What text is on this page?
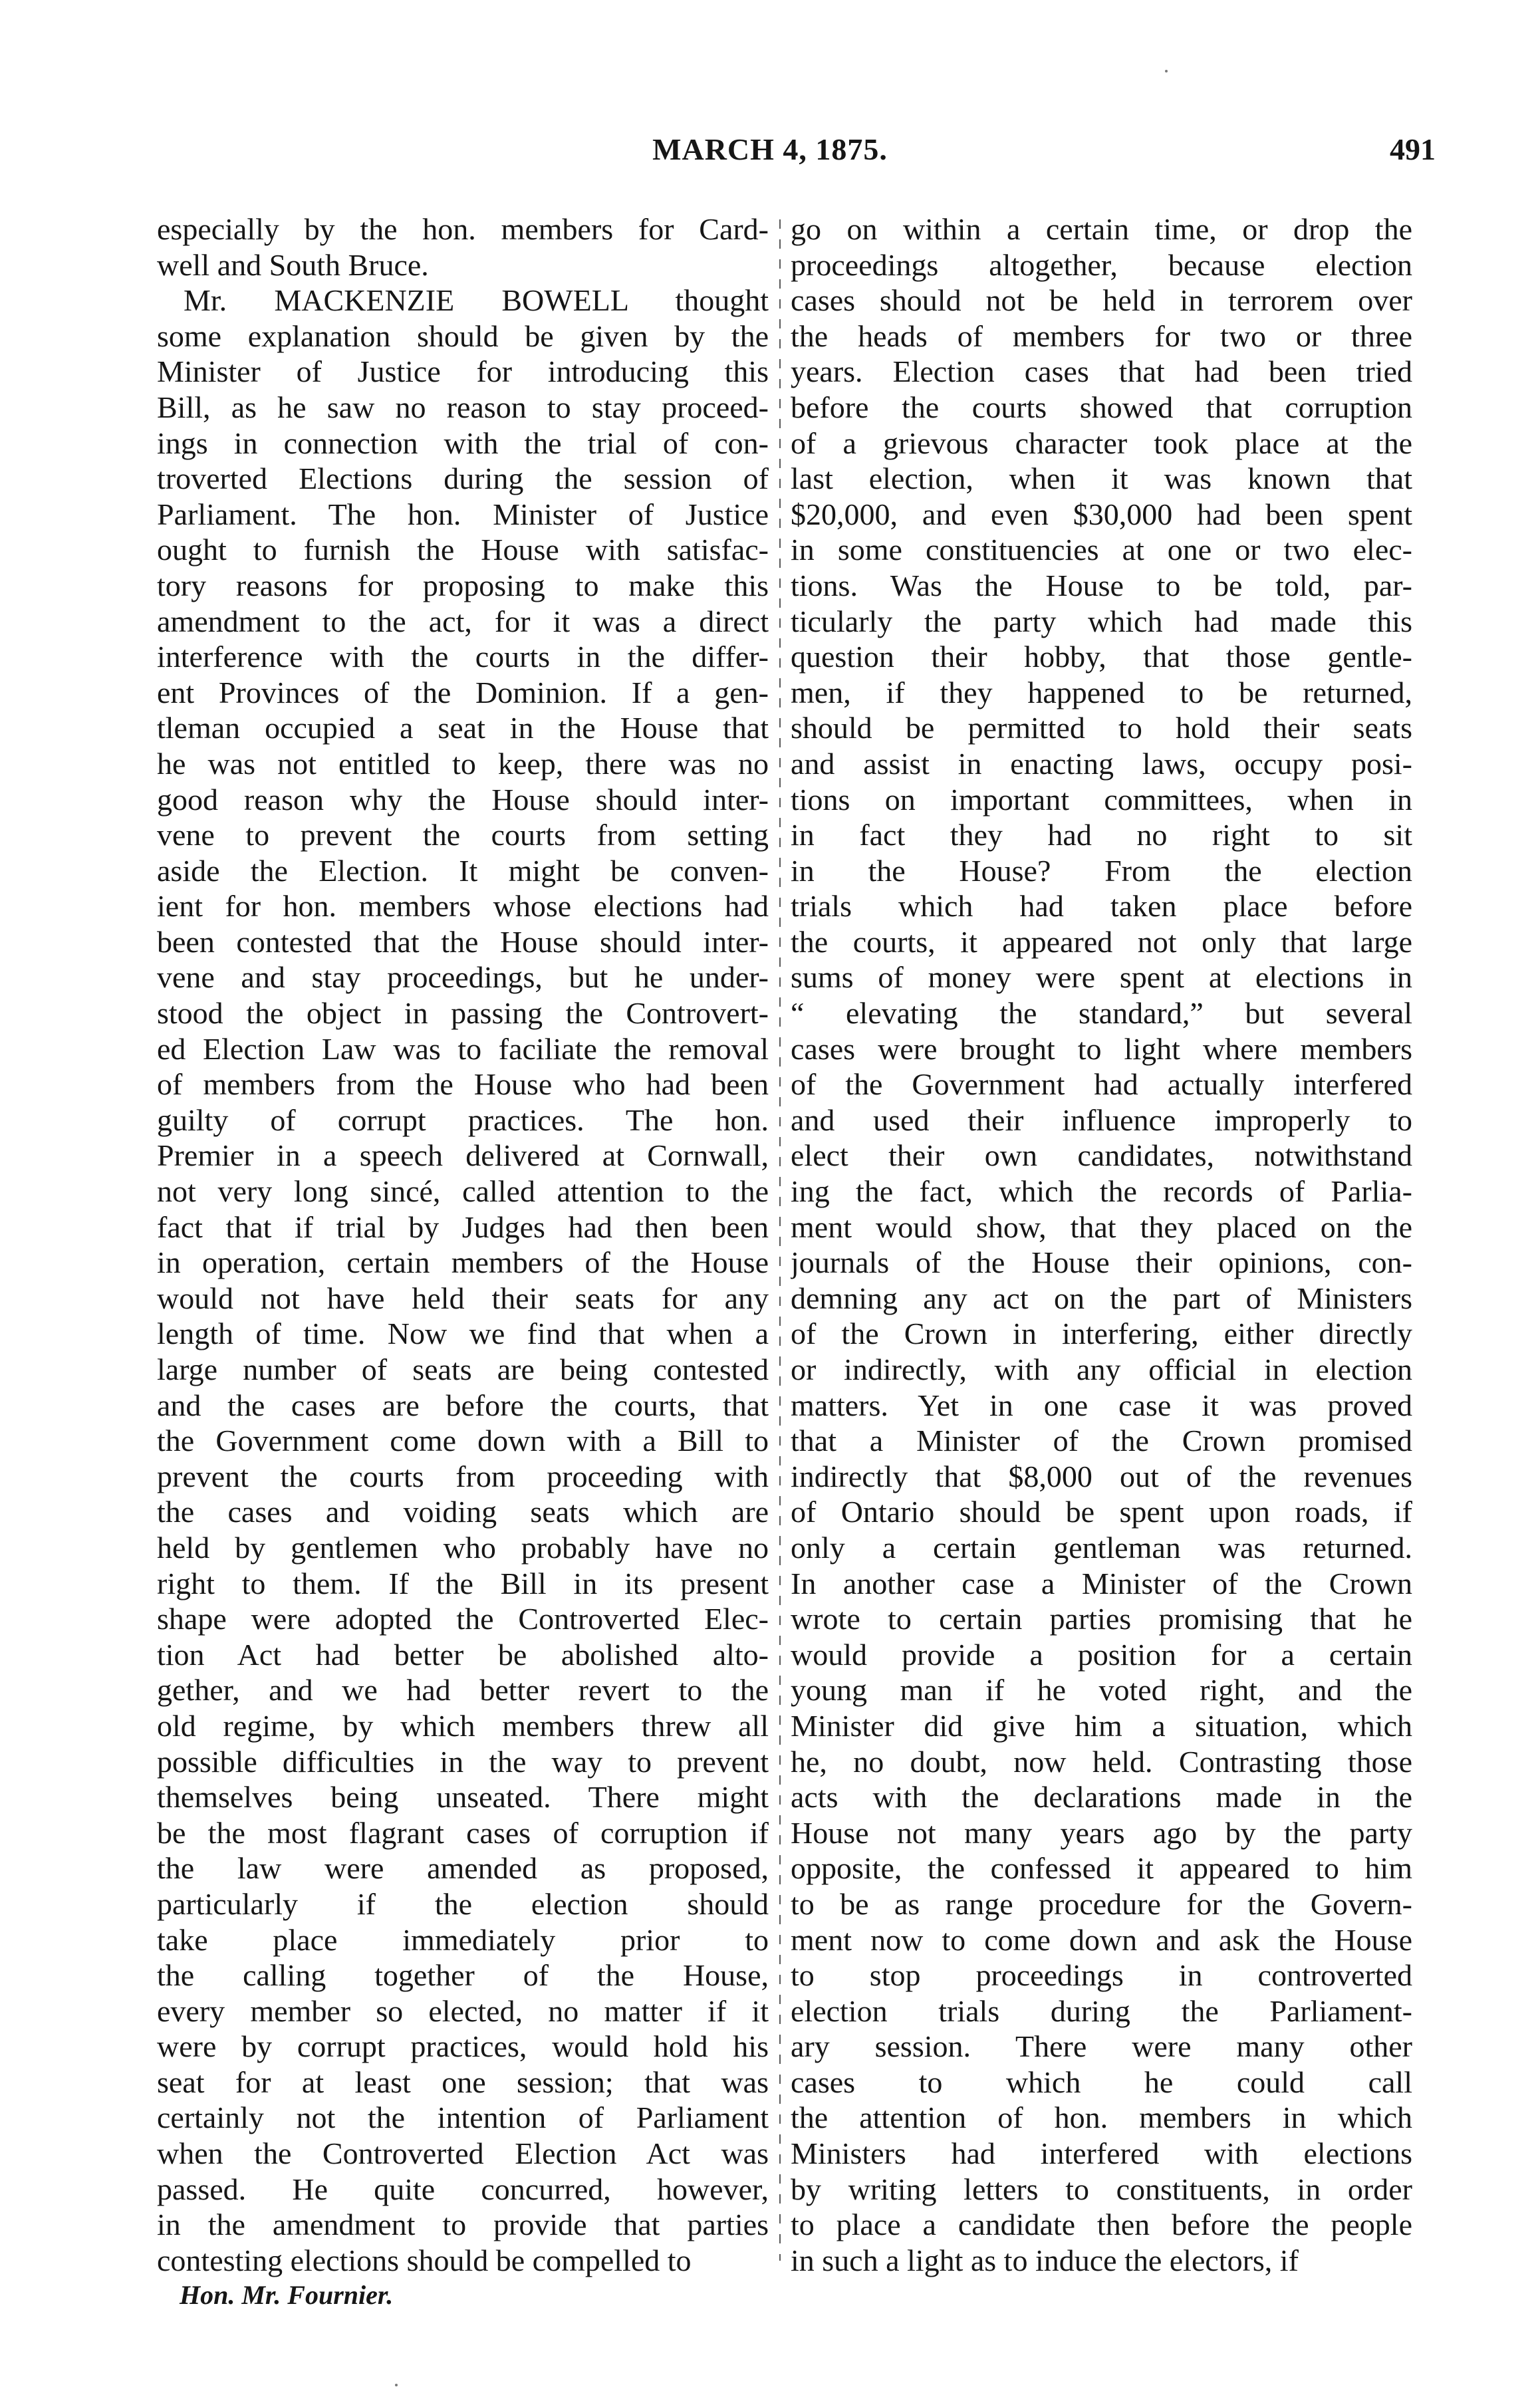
MARCH 4, 1875.	491
especially by the hon. members for Card-
well and South Bruce.
Mr. MACKENZIE BOWELL thought
some explanation should be given by the
Minister of Justice for introducing this
Bill, as he saw no reason to stay proceed-
ings in connection with the trial of con-
troverted Elections during the session of
Parliament. The hon. Minister of Justice
ought to furnish the House with satisfac-
tory reasons for proposing to make this
amendment to the act, for it was a direct
interference with the courts in the differ-
ent Provinces of the Dominion. If a gen-
tleman occupied a seat in the House that
he was not entitled to keep, there was no
good reason why the House should inter-
vene to prevent the courts from setting
aside the Election. It might be conven-
ient for hon. members whose elections had
been contested that the House should inter-
vene and stay proceedings, but he under-
stood the object in passing the Controvert-
ed Election Law was to faciliate the removal
of members from the House who had been
guilty of corrupt practices. The hon.
Premier in a speech delivered at Cornwall,
not very long sincé, called attention to the
fact that if trial by Judges had then been
in operation, certain members of the House
would not have held their seats for any
length of time. Now we find that when a
large number of seats are being contested
and the cases are before the courts, that
the Government come down with a Bill to
prevent the courts from proceeding with
the cases and voiding seats which are
held by gentlemen who probably have no
right to them. If the Bill in its present
shape were adopted the Controverted Elec-
tion Act had better be abolished alto-
gether, and we had better revert to the
old regime, by which members threw all
possible difficulties in the way to prevent
themselves being unseated. There might
be the most flagrant cases of corruption if
the law were amended as proposed,
particularly if the election should
take place immediately prior to
the calling together of the House,
every member so elected, no matter if it
were by corrupt practices, would hold his
seat for at least one session; that was
certainly not the intention of Parliament
when the Controverted Election Act was
passed. He quite concurred, however,
in the amendment to provide that parties
contesting elections should be compelled to
go on within a certain time, or drop the
proceedings altogether, because election
cases should not be held in terrorem over
the heads of members for two or three
years. Election cases that had been tried
before the courts showed that corruption
of a grievous character took place at the
last election, when it was known that
$20,000, and even $30,000 had been spent
in some constituencies at one or two elec-
tions. Was the House to be told, par-
ticularly the party which had made this
question their hobby, that those gentle-
men, if they happened to be returned,
should be permitted to hold their seats
and assist in enacting laws, occupy posi-
tions on important committees, when in
in fact they had no right to sit
in the House? From the election
trials which had taken place before
the courts, it appeared not only that large
sums of money were spent at elections in
“ elevating the standard,” but several
cases were brought to light where members
of the Government had actually interfered
and used their influence improperly to
elect their own candidates, notwithstand
ing the fact, which the records of Parlia-
ment would show, that they placed on the
journals of the House their opinions, con-
demning any act on the part of Ministers
of the Crown in interfering, either directly
or indirectly, with any official in election
matters. Yet in one case it was proved
that a Minister of the Crown promised
indirectly that $8,000 out of the revenues
of Ontario should be spent upon roads, if
only a certain gentleman was returned.
In another case a Minister of the Crown
wrote to certain parties promising that he
would provide a position for a certain
young man if he voted right, and the
Minister did give him a situation, which
he, no doubt, now held. Contrasting those
acts with the declarations made in the
House not many years ago by the party
opposite, the confessed it appeared to him
to be as range procedure for the Govern-
ment now to come down and ask the House
to stop proceedings in controverted
election trials during the Parliament-
ary session. There were many other
cases to which he could call
the attention of hon. members in which
Ministers had interfered with elections
by writing letters to constituents, in order
to place a candidate then before the people
in such a light as to induce the electors, if
Hon. Mr. Fournier.
